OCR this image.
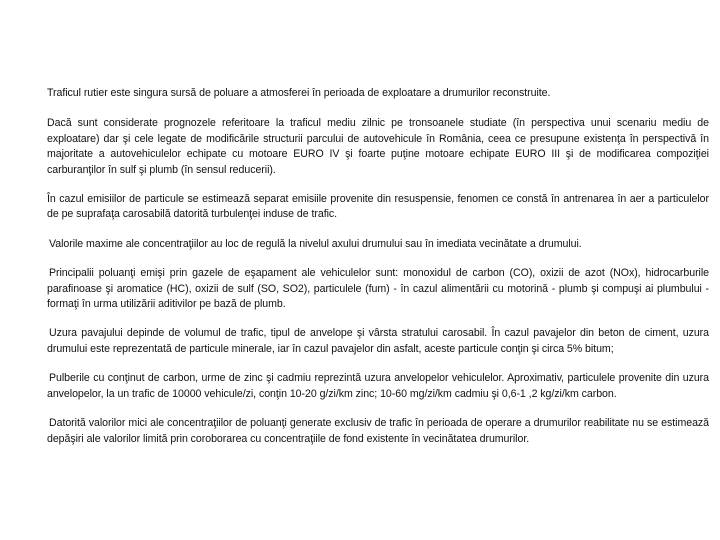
Traficul rutier este singura sursă de poluare a atmosferei în perioada de exploatare a drumurilor reconstruite.

Dacă sunt considerate prognozele referitoare la traficul mediu zilnic pe tronsoanele studiate (în perspectiva unui scenariu mediu de exploatare) dar şi cele legate de modificările structurii parcului de autovehicule în România, ceea ce presupune existenţa în perspectivă în majoritate a autovehiculelor echipate cu motoare EURO IV şi foarte puţine motoare echipate EURO III şi de modificarea compoziţiei carburanţilor în sulf şi plumb (în sensul reducerii).

În cazul emisiilor de particule se estimează separat emisiile provenite din resuspensie, fenomen ce constă în antrenarea în aer a particulelor de pe suprafaţa carosabilă datorită turbulenţei induse de trafic.

Valorile maxime ale concentraţiilor au loc de regulă la nivelul axului drumului sau în imediata vecinătate a drumului.

Principalii poluanţi emişi prin gazele de eşapament ale vehiculelor sunt: monoxidul de carbon (CO), oxizii de azot (NOx), hidrocarburile parafinoase şi aromatice (HC), oxizii de sulf (SO, SO2), particulele (fum) - în cazul alimentării cu motorină - plumb şi compuşi ai plumbului - formaţi în urma utilizării aditivilor pe bază de plumb.

Uzura pavajului depinde de volumul de trafic, tipul de anvelope şi vârsta stratului carosabil. În cazul pavajelor din beton de ciment, uzura drumului este reprezentată de particule minerale, iar în cazul pavajelor din asfalt, aceste particule conţin şi circa 5% bitum;

Pulberile cu conţinut de carbon, urme de zinc şi cadmiu reprezintă uzura anvelopelor vehiculelor. Aproximativ, particulele provenite din uzura anvelopelor, la un trafic de 10000 vehicule/zi, conţin 10-20 g/zi/km zinc; 10-60 mg/zi/km cadmiu şi 0,6-1 ,2 kg/zi/km carbon.

Datorită valorilor mici ale concentraţiilor de poluanţi generate exclusiv de trafic în perioada de operare a drumurilor reabilitate nu se estimează depăşiri ale valorilor limită prin coroborarea cu concentraţiile de fond existente în vecinătatea drumurilor.
